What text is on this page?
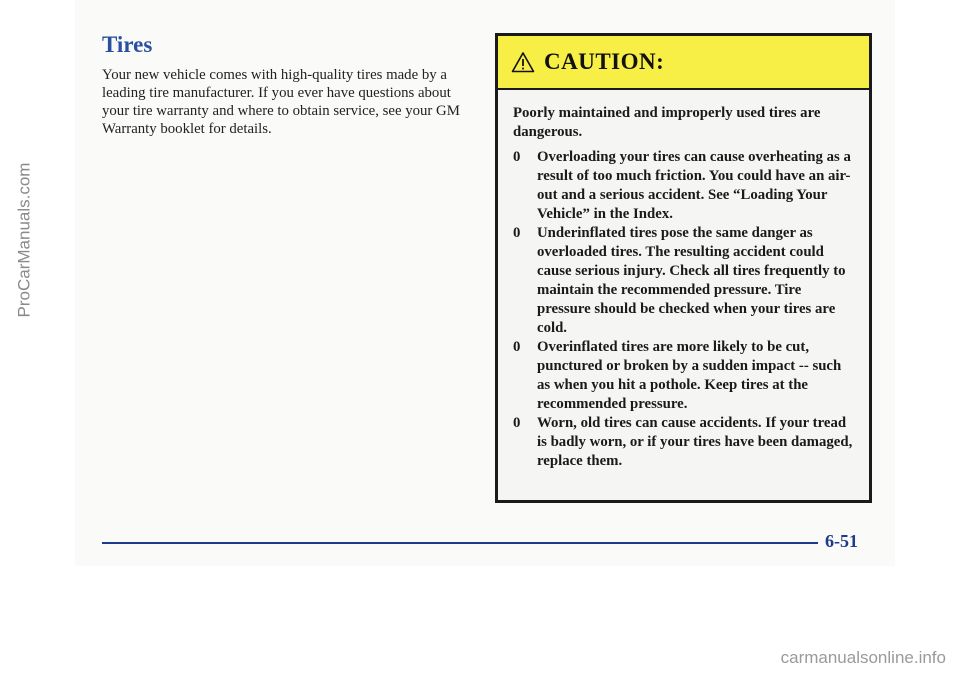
ProCarManuals.com
Tires

Your new vehicle comes with high-quality tires made by a leading tire manufacturer. If you ever have questions about your tire warranty and where to obtain service, see your GM Warranty booklet for details.

CAUTION:

Poorly maintained and improperly used tires are dangerous.

0	Overloading your tires can cause overheating as a result of too much friction. You could have an air-out and a serious accident. See “Loading Your Vehicle” in the Index.
0	Underinflated tires pose the same danger as overloaded tires. The resulting accident could cause serious injury. Check all tires frequently to maintain the recommended pressure. Tire pressure should be checked when your tires are cold.
0	Overinflated tires are more likely to be cut, punctured or broken by a sudden impact -- such as when you hit a pothole. Keep tires at the recommended pressure.
0	Worn, old tires can cause accidents. If your tread is badly worn, or if your tires have been damaged, replace them.
6-51
carmanualsonline.info
